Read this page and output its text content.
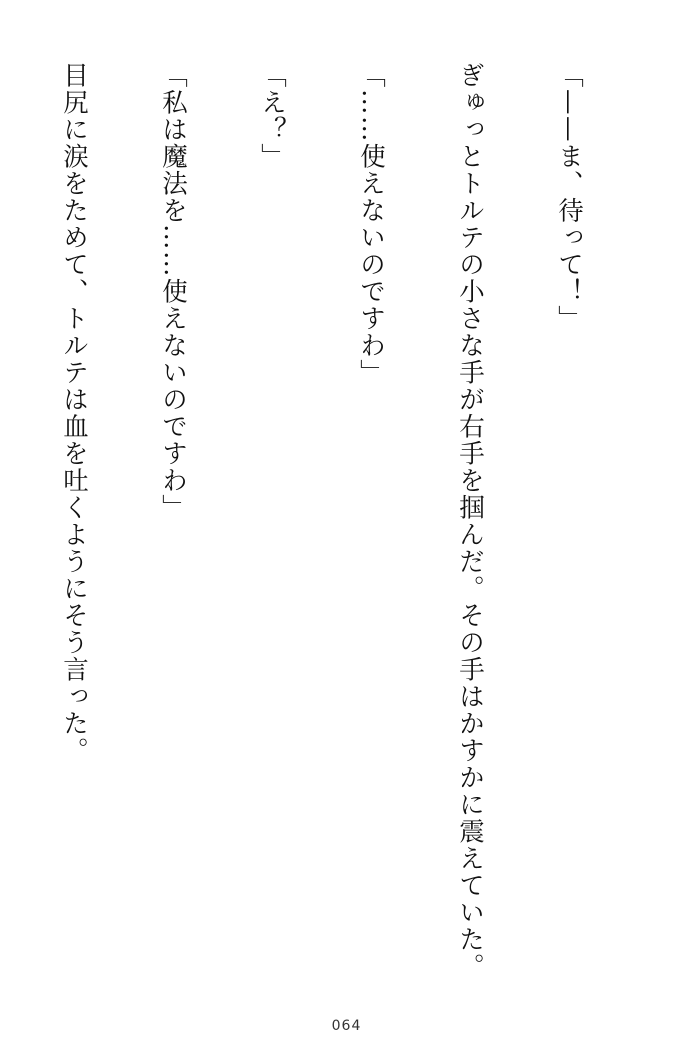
「——ま、待って！」

ぎゅっとトルテの小さな手が右手を掴んだ。その手はかすかに震えていた。

「……使えないのですわ」

「え？」

「私は魔法を……使えないのですわ」

目尻に涙をためて、トルテは血を吐くようにそう言った。

064
